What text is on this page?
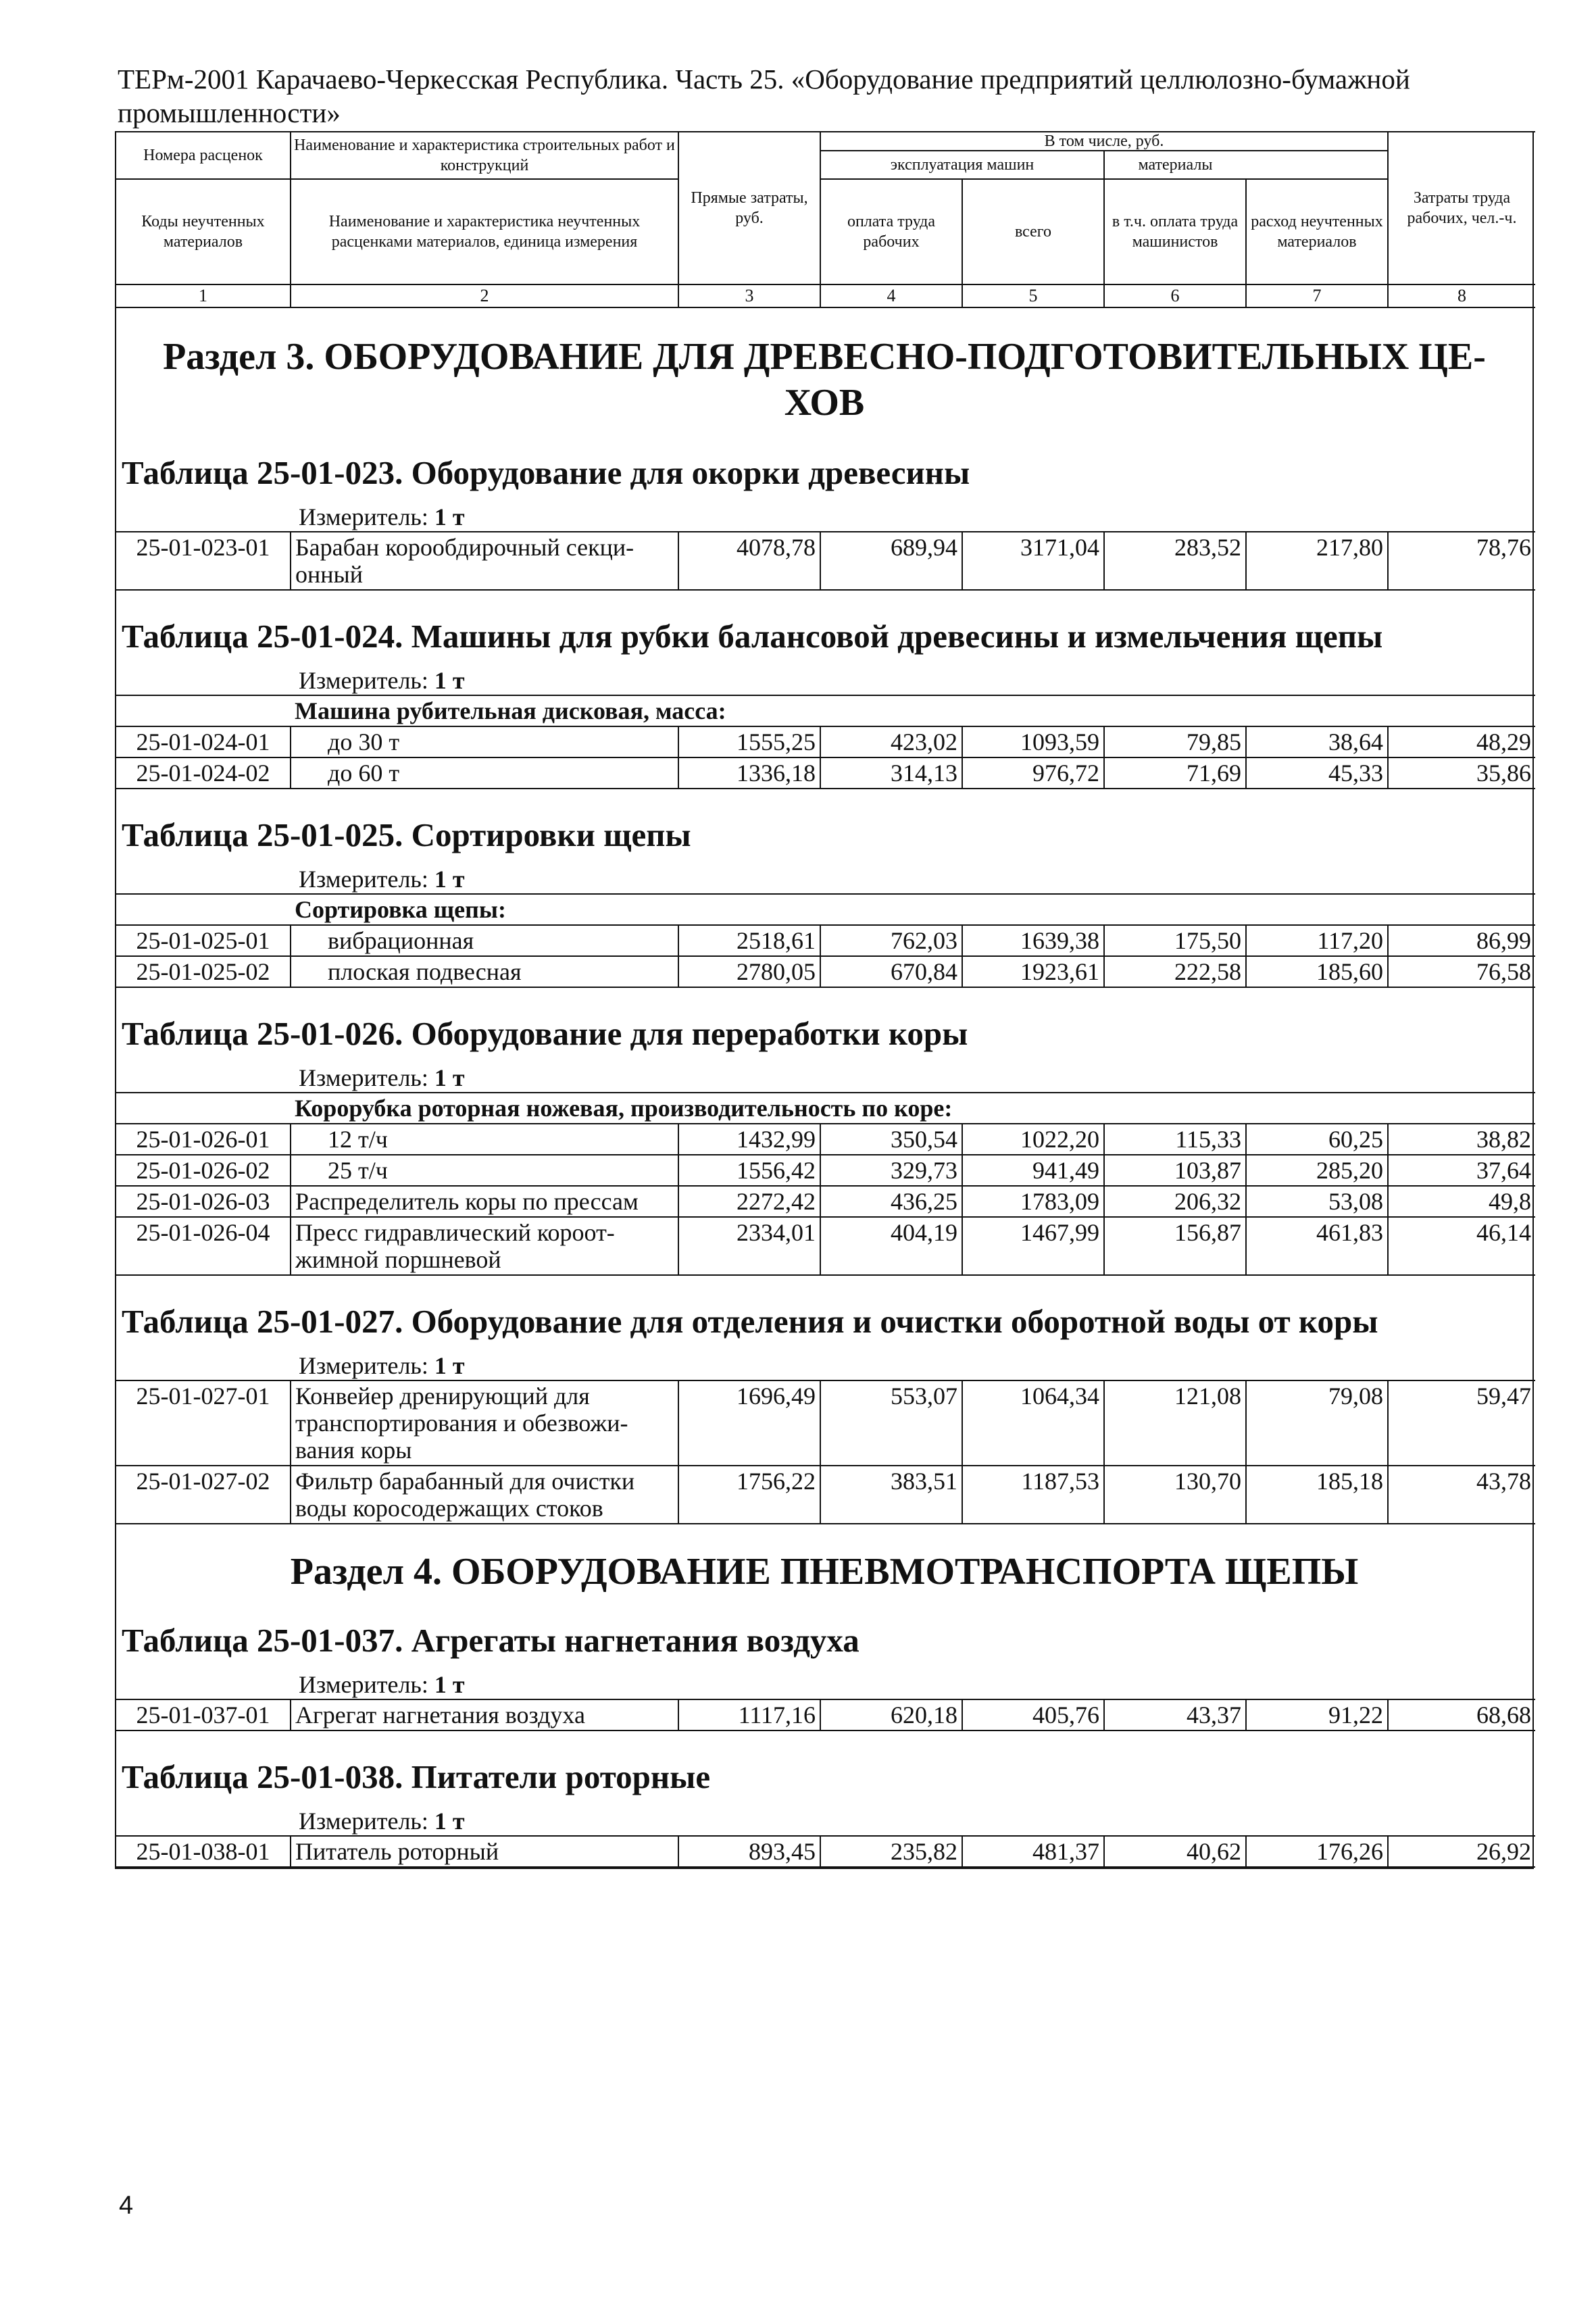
ТЕРм-2001 Карачаево-Черкесская Республика. Часть 25. «Оборудование предприятий целлюлозно-бумажной промышленности»
Номера расценок	Наименование и характеристика строительных работ и конструкций	Прямые затраты, руб.	В том числе, руб.				Затраты труда рабочих, чел.-ч.
			эксплуатация машин		материалы		
Коды неучтенных материалов	Наименование и характеристика неучтенных расценками материалов, единица измерения		оплата труда рабочих	всего	в т.ч. оплата труда машинистов	расход неучтенных материалов	
1	2	3	4	5	6	7	8
Раздел 3. ОБОРУДОВАНИЕ ДЛЯ ДРЕВЕСНО-ПОДГОТОВИТЕЛЬНЫХ ЦЕ-ХОВ
Таблица 25-01-023. Оборудование для окорки древесины
Измеритель: 1 т
25-01-023-01	Барабан корообдирочный секци-онный	4078,78	689,94	3171,04	283,52	217,80	78,76
Таблица 25-01-024. Машины для рубки балансовой древесины и измельчения щепы
Измеритель: 1 т
	Машина рубительная дисковая, масса:						
25-01-024-01	до 30 т	1555,25	423,02	1093,59	79,85	38,64	48,29
25-01-024-02	до 60 т	1336,18	314,13	976,72	71,69	45,33	35,86
Таблица 25-01-025. Сортировки щепы
Измеритель: 1 т
	Сортировка щепы:						
25-01-025-01	вибрационная	2518,61	762,03	1639,38	175,50	117,20	86,99
25-01-025-02	плоская подвесная	2780,05	670,84	1923,61	222,58	185,60	76,58
Таблица 25-01-026. Оборудование для переработки коры
Измеритель: 1 т
	Корорубка роторная ножевая, производительность по коре:						
25-01-026-01	12 т/ч	1432,99	350,54	1022,20	115,33	60,25	38,82
25-01-026-02	25 т/ч	1556,42	329,73	941,49	103,87	285,20	37,64
25-01-026-03	Распределитель коры по прессам	2272,42	436,25	1783,09	206,32	53,08	49,8
25-01-026-04	Пресс гидравлический короот-жимной поршневой	2334,01	404,19	1467,99	156,87	461,83	46,14
Таблица 25-01-027. Оборудование для отделения и очистки оборотной воды от коры
Измеритель: 1 т
25-01-027-01	Конвейер дренирующий для транспортирования и обезвожи-вания коры	1696,49	553,07	1064,34	121,08	79,08	59,47
25-01-027-02	Фильтр барабанный для очистки воды коросодержащих стоков	1756,22	383,51	1187,53	130,70	185,18	43,78
Раздел 4. ОБОРУДОВАНИЕ ПНЕВМОТРАНСПОРТА ЩЕПЫ
Таблица 25-01-037. Агрегаты нагнетания воздуха
Измеритель: 1 т
25-01-037-01	Агрегат нагнетания воздуха	1117,16	620,18	405,76	43,37	91,22	68,68
Таблица 25-01-038. Питатели роторные
Измеритель: 1 т
25-01-038-01	Питатель роторный	893,45	235,82	481,37	40,62	176,26	26,92
4
